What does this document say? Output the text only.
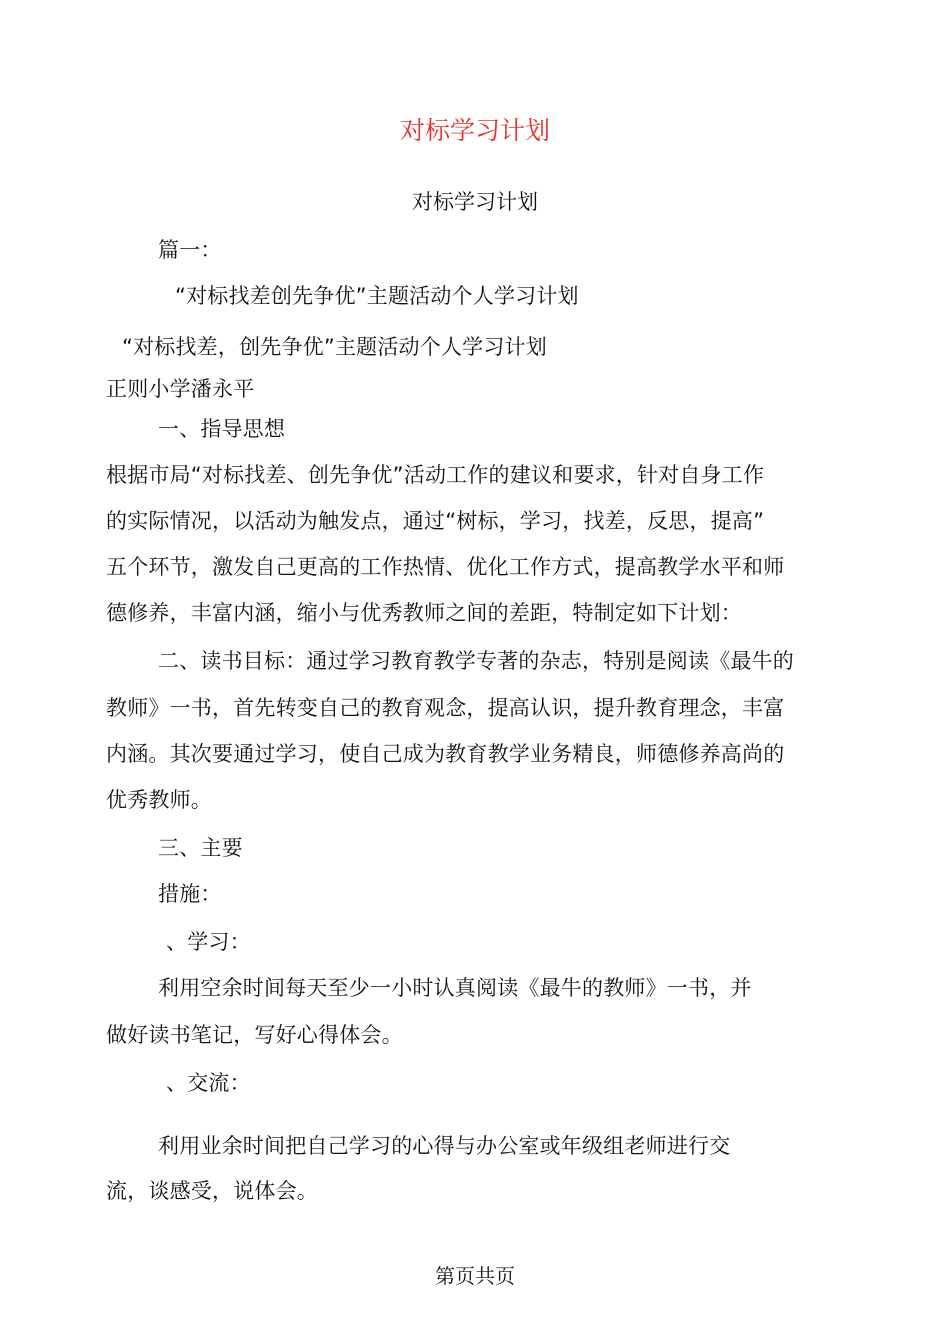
对标学习计划
对标学习计划
篇一：
“对标找差创先争优”主题活动个人学习计划
“对标找差，创先争优”主题活动个人学习计划
正则小学潘永平
一、指导思想
根据市局“对标找差、创先争优”活动工作的建议和要求，针对自身工作
的实际情况，以活动为触发点，通过“树标，学习，找差，反思，提高”
五个环节，激发自己更高的工作热情、优化工作方式，提高教学水平和师
德修养，丰富内涵，缩小与优秀教师之间的差距，特制定如下计划：
二、读书目标：通过学习教育教学专著的杂志，特别是阅读《最牛的
教师》一书，首先转变自己的教育观念，提高认识，提升教育理念，丰富
内涵。其次要通过学习，使自己成为教育教学业务精良，师德修养高尚的
优秀教师。
三、主要
措施：
、学习：
利用空余时间每天至少一小时认真阅读《最牛的教师》一书，并
做好读书笔记，写好心得体会。
、交流：
利用业余时间把自己学习的心得与办公室或年级组老师进行交
流，谈感受，说体会。
第页共页
